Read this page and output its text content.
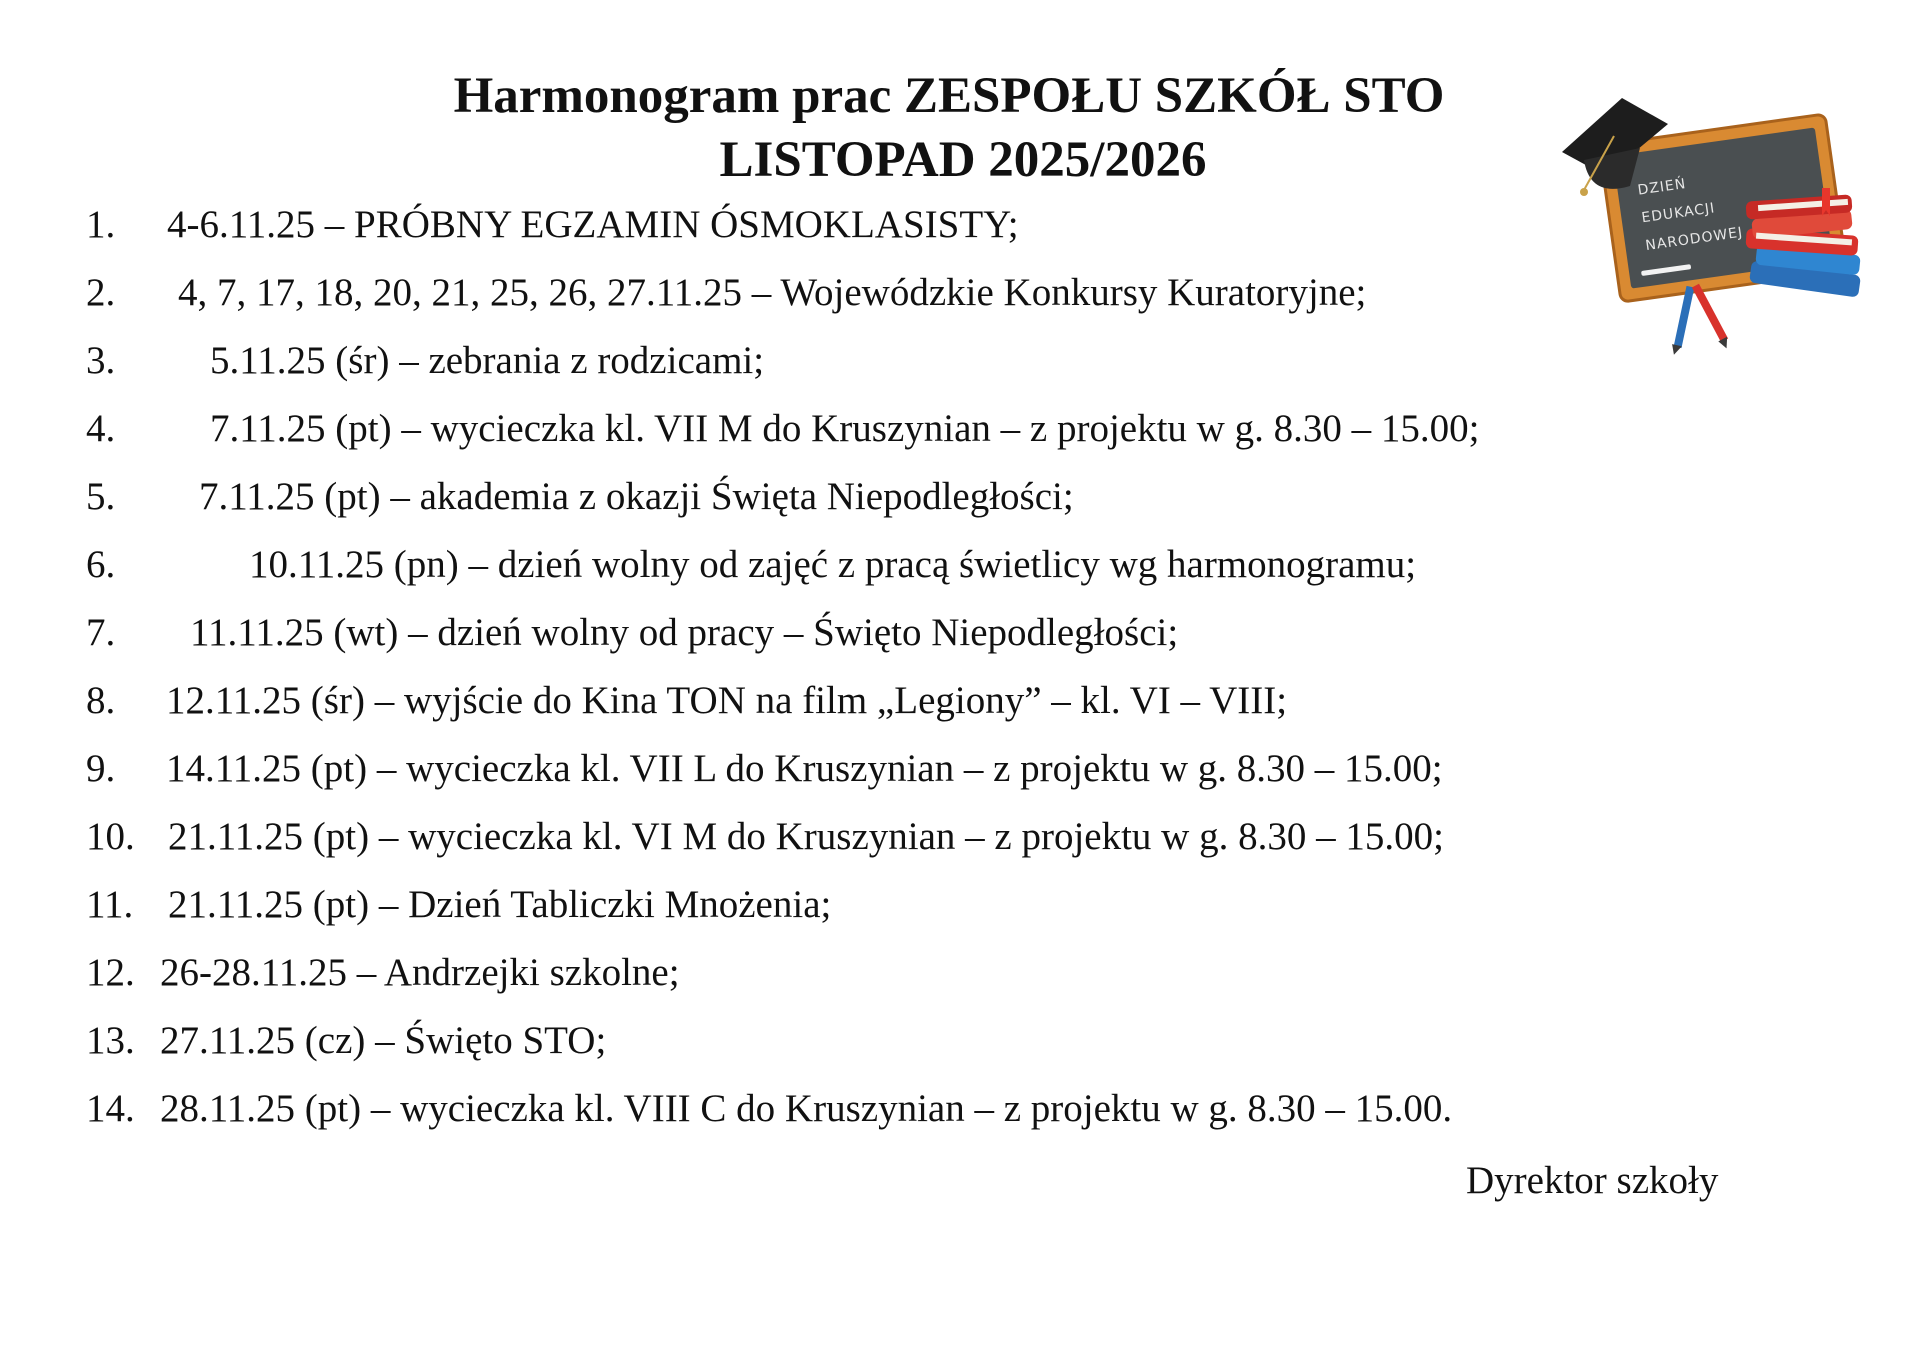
Harmonogram prac ZESPOŁU SZKÓŁ STO
LISTOPAD 2025/2026
1. 4-6.11.25 – PRÓBNY EGZAMIN ÓSMOKLASISTY;
2. 4, 7, 17, 18, 20, 21, 25, 26, 27.11.25 – Wojewódzkie Konkursy Kuratoryjne;
3. 5.11.25 (śr) – zebrania z rodzicami;
4. 7.11.25 (pt) – wycieczka kl. VII M do Kruszynian – z projektu w g. 8.30 – 15.00;
5. 7.11.25 (pt) – akademia z okazji Święta Niepodległości;
6.	10.11.25 (pn) – dzień wolny od zajęć z pracą świetlicy wg harmonogramu;
7. 11.11.25 (wt) – dzień wolny od pracy – Święto Niepodległości;
8. 12.11.25 (śr) – wyjście do Kina TON na film „Legiony” – kl. VI – VIII;
9. 14.11.25 (pt) – wycieczka kl. VII L do Kruszynian – z projektu w g. 8.30 – 15.00;
10. 21.11.25 (pt) – wycieczka kl. VI M do Kruszynian – z projektu w g. 8.30 – 15.00;
11. 21.11.25 (pt) – Dzień Tabliczki Mnożenia;
12. 26-28.11.25 – Andrzejki szkolne;
13. 27.11.25 (cz) – Święto STO;
14. 28.11.25 (pt) – wycieczka kl. VIII C do Kruszynian – z projektu w g. 8.30 – 15.00.
Dyrektor szkoły
DZIEŃ
EDUKACJI
NARODOWEJ
